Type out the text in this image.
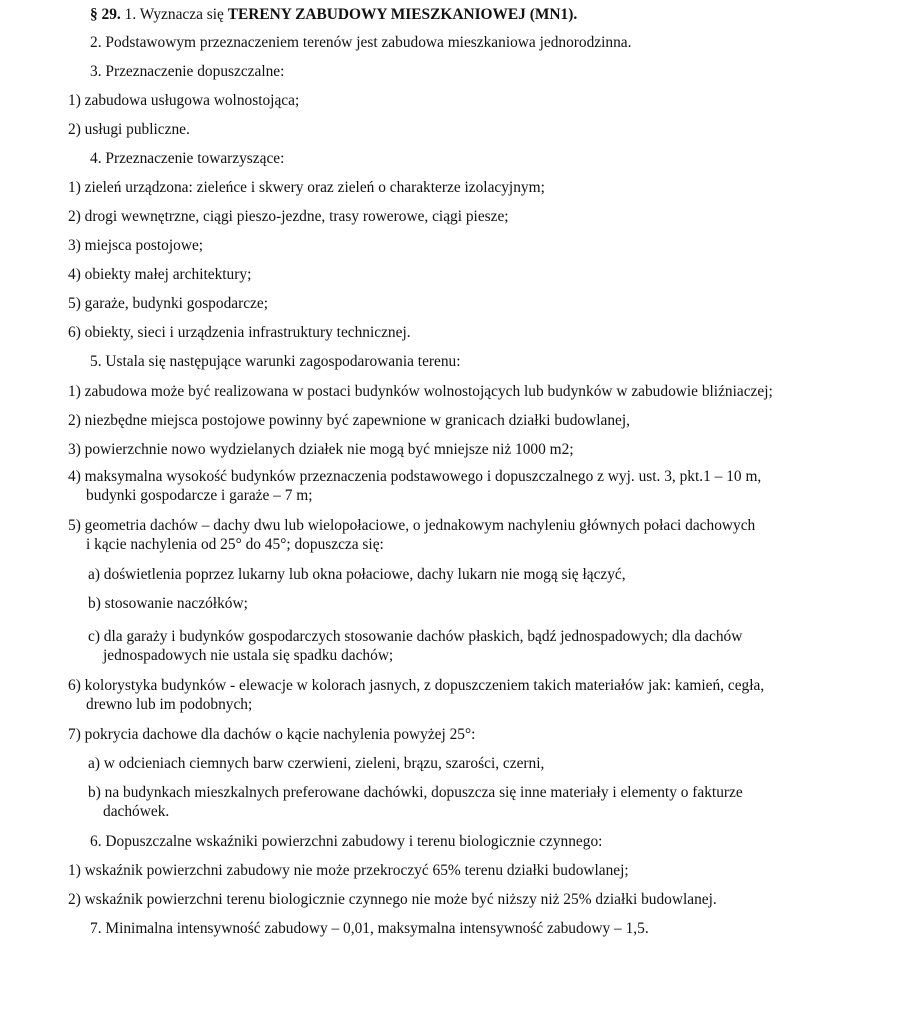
§ 29. 1. Wyznacza się TERENY ZABUDOWY MIESZKANIOWEJ (MN1).
2. Podstawowym przeznaczeniem terenów jest zabudowa mieszkaniowa jednorodzinna.
3. Przeznaczenie dopuszczalne:
1) zabudowa usługowa wolnostojąca;
2) usługi publiczne.
4. Przeznaczenie towarzyszące:
1) zieleń urządzona: zieleńce i skwery oraz zieleń o charakterze izolacyjnym;
2) drogi wewnętrzne, ciągi pieszo-jezdne, trasy rowerowe, ciągi piesze;
3) miejsca postojowe;
4) obiekty małej architektury;
5) garaże, budynki gospodarcze;
6) obiekty, sieci i urządzenia infrastruktury technicznej.
5. Ustala się następujące warunki zagospodarowania terenu:
1) zabudowa może być realizowana w postaci budynków wolnostojących lub budynków w zabudowie bliźniaczej;
2) niezbędne miejsca postojowe powinny być zapewnione w granicach działki budowlanej,
3) powierzchnie nowo wydzielanych działek nie mogą być mniejsze niż 1000 m2;
4) maksymalna wysokość budynków przeznaczenia podstawowego i dopuszczalnego z wyj. ust. 3, pkt.1 – 10 m,
budynki gospodarcze i garaże – 7 m;
5) geometria dachów – dachy dwu lub wielopołaciowe, o jednakowym nachyleniu głównych połaci dachowych
i kącie nachylenia od 25° do 45°; dopuszcza się:
a) doświetlenia poprzez lukarny lub okna połaciowe, dachy lukarn nie mogą się łączyć,
b) stosowanie naczółków;
c) dla garaży i budynków gospodarczych stosowanie dachów płaskich, bądź jednospadowych; dla dachów
jednospadowych nie ustala się spadku dachów;
6) kolorystyka budynków - elewacje w kolorach jasnych, z dopuszczeniem takich materiałów jak: kamień, cegła,
drewno lub im podobnych;
7) pokrycia dachowe dla dachów o kącie nachylenia powyżej 25°:
a) w odcieniach ciemnych barw czerwieni, zieleni, brązu, szarości, czerni,
b) na budynkach mieszkalnych preferowane dachówki, dopuszcza się inne materiały i elementy o fakturze
dachówek.
6. Dopuszczalne wskaźniki powierzchni zabudowy i terenu biologicznie czynnego:
1) wskaźnik powierzchni zabudowy nie może przekroczyć 65% terenu działki budowlanej;
2) wskaźnik powierzchni terenu biologicznie czynnego nie może być niższy niż 25% działki budowlanej.
7. Minimalna intensywność zabudowy – 0,01, maksymalna intensywność zabudowy – 1,5.
